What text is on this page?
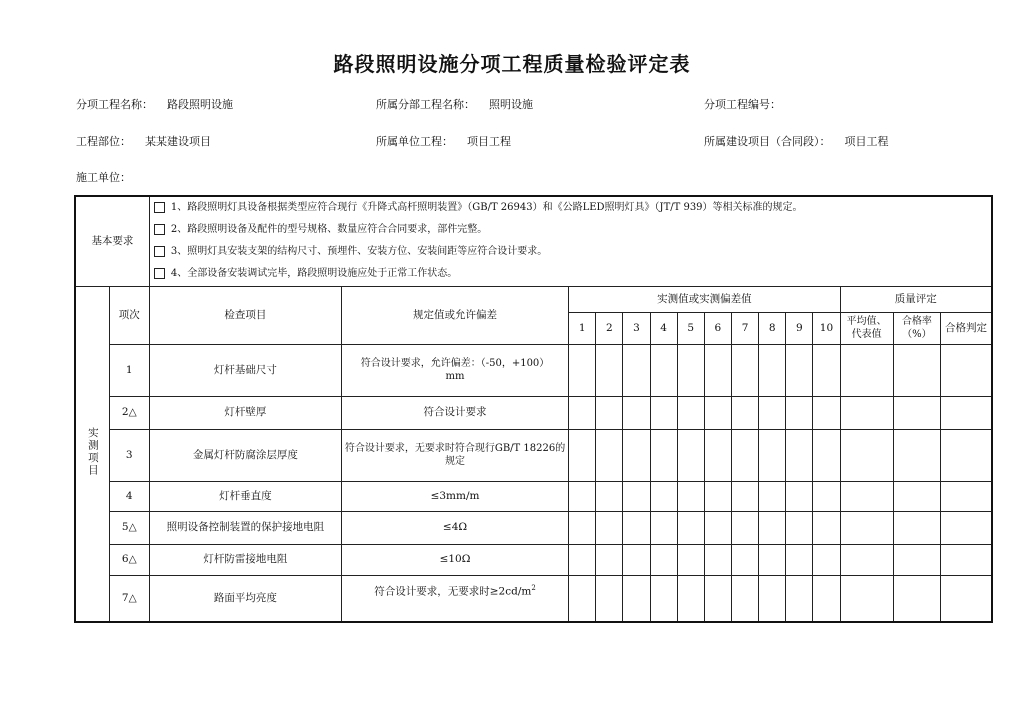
路段照明设施分项工程质量检验评定表
分项工程名称： 路段照明设施	所属分部工程名称： 照明设施	分项工程编号：
工程部位： 某某建设项目	所属单位工程： 项目工程	所属建设项目（合同段）： 项目工程
施工单位：
基本要求		1、路段照明灯具设备根据类型应符合现行《升降式高杆照明装置》（GB/T 26943）和《公路LED照明灯具》（JT/T 939）等相关标准的规定。
2、路段照明设备及配件的型号规格、数量应符合合同要求，部件完整。
3、照明灯具安装支架的结构尺寸、预埋件、安装方位、安装间距等应符合设计要求。
4、全部设备安装调试完毕，路段照明设施应处于正常工作状态。														

实测项目	项次	检查项目	规定值或允许偏差	实测值或实测偏差值										质量评定		
				1	2	3	4	5	6	7	8	9	10	平均值、代表值	合格率（%）	合格判定
	1	灯杆基础尺寸	符合设计要求，允许偏差：（-50，+100）
mm													

	2△	灯杆壁厚	符合设计要求													
	3	金属灯杆防腐涂层厚度	符合设计要求，无要求时符合现行GB/T 18226的规定													
	4	灯杆垂直度	≤3mm/m													
	5△	照明设备控制装置的保护接地电阻	≤4Ω													
	6△	灯杆防雷接地电阻	≤10Ω													
	7△	路面平均亮度	符合设计要求，无要求时$\ge 2cd/m^2$													
